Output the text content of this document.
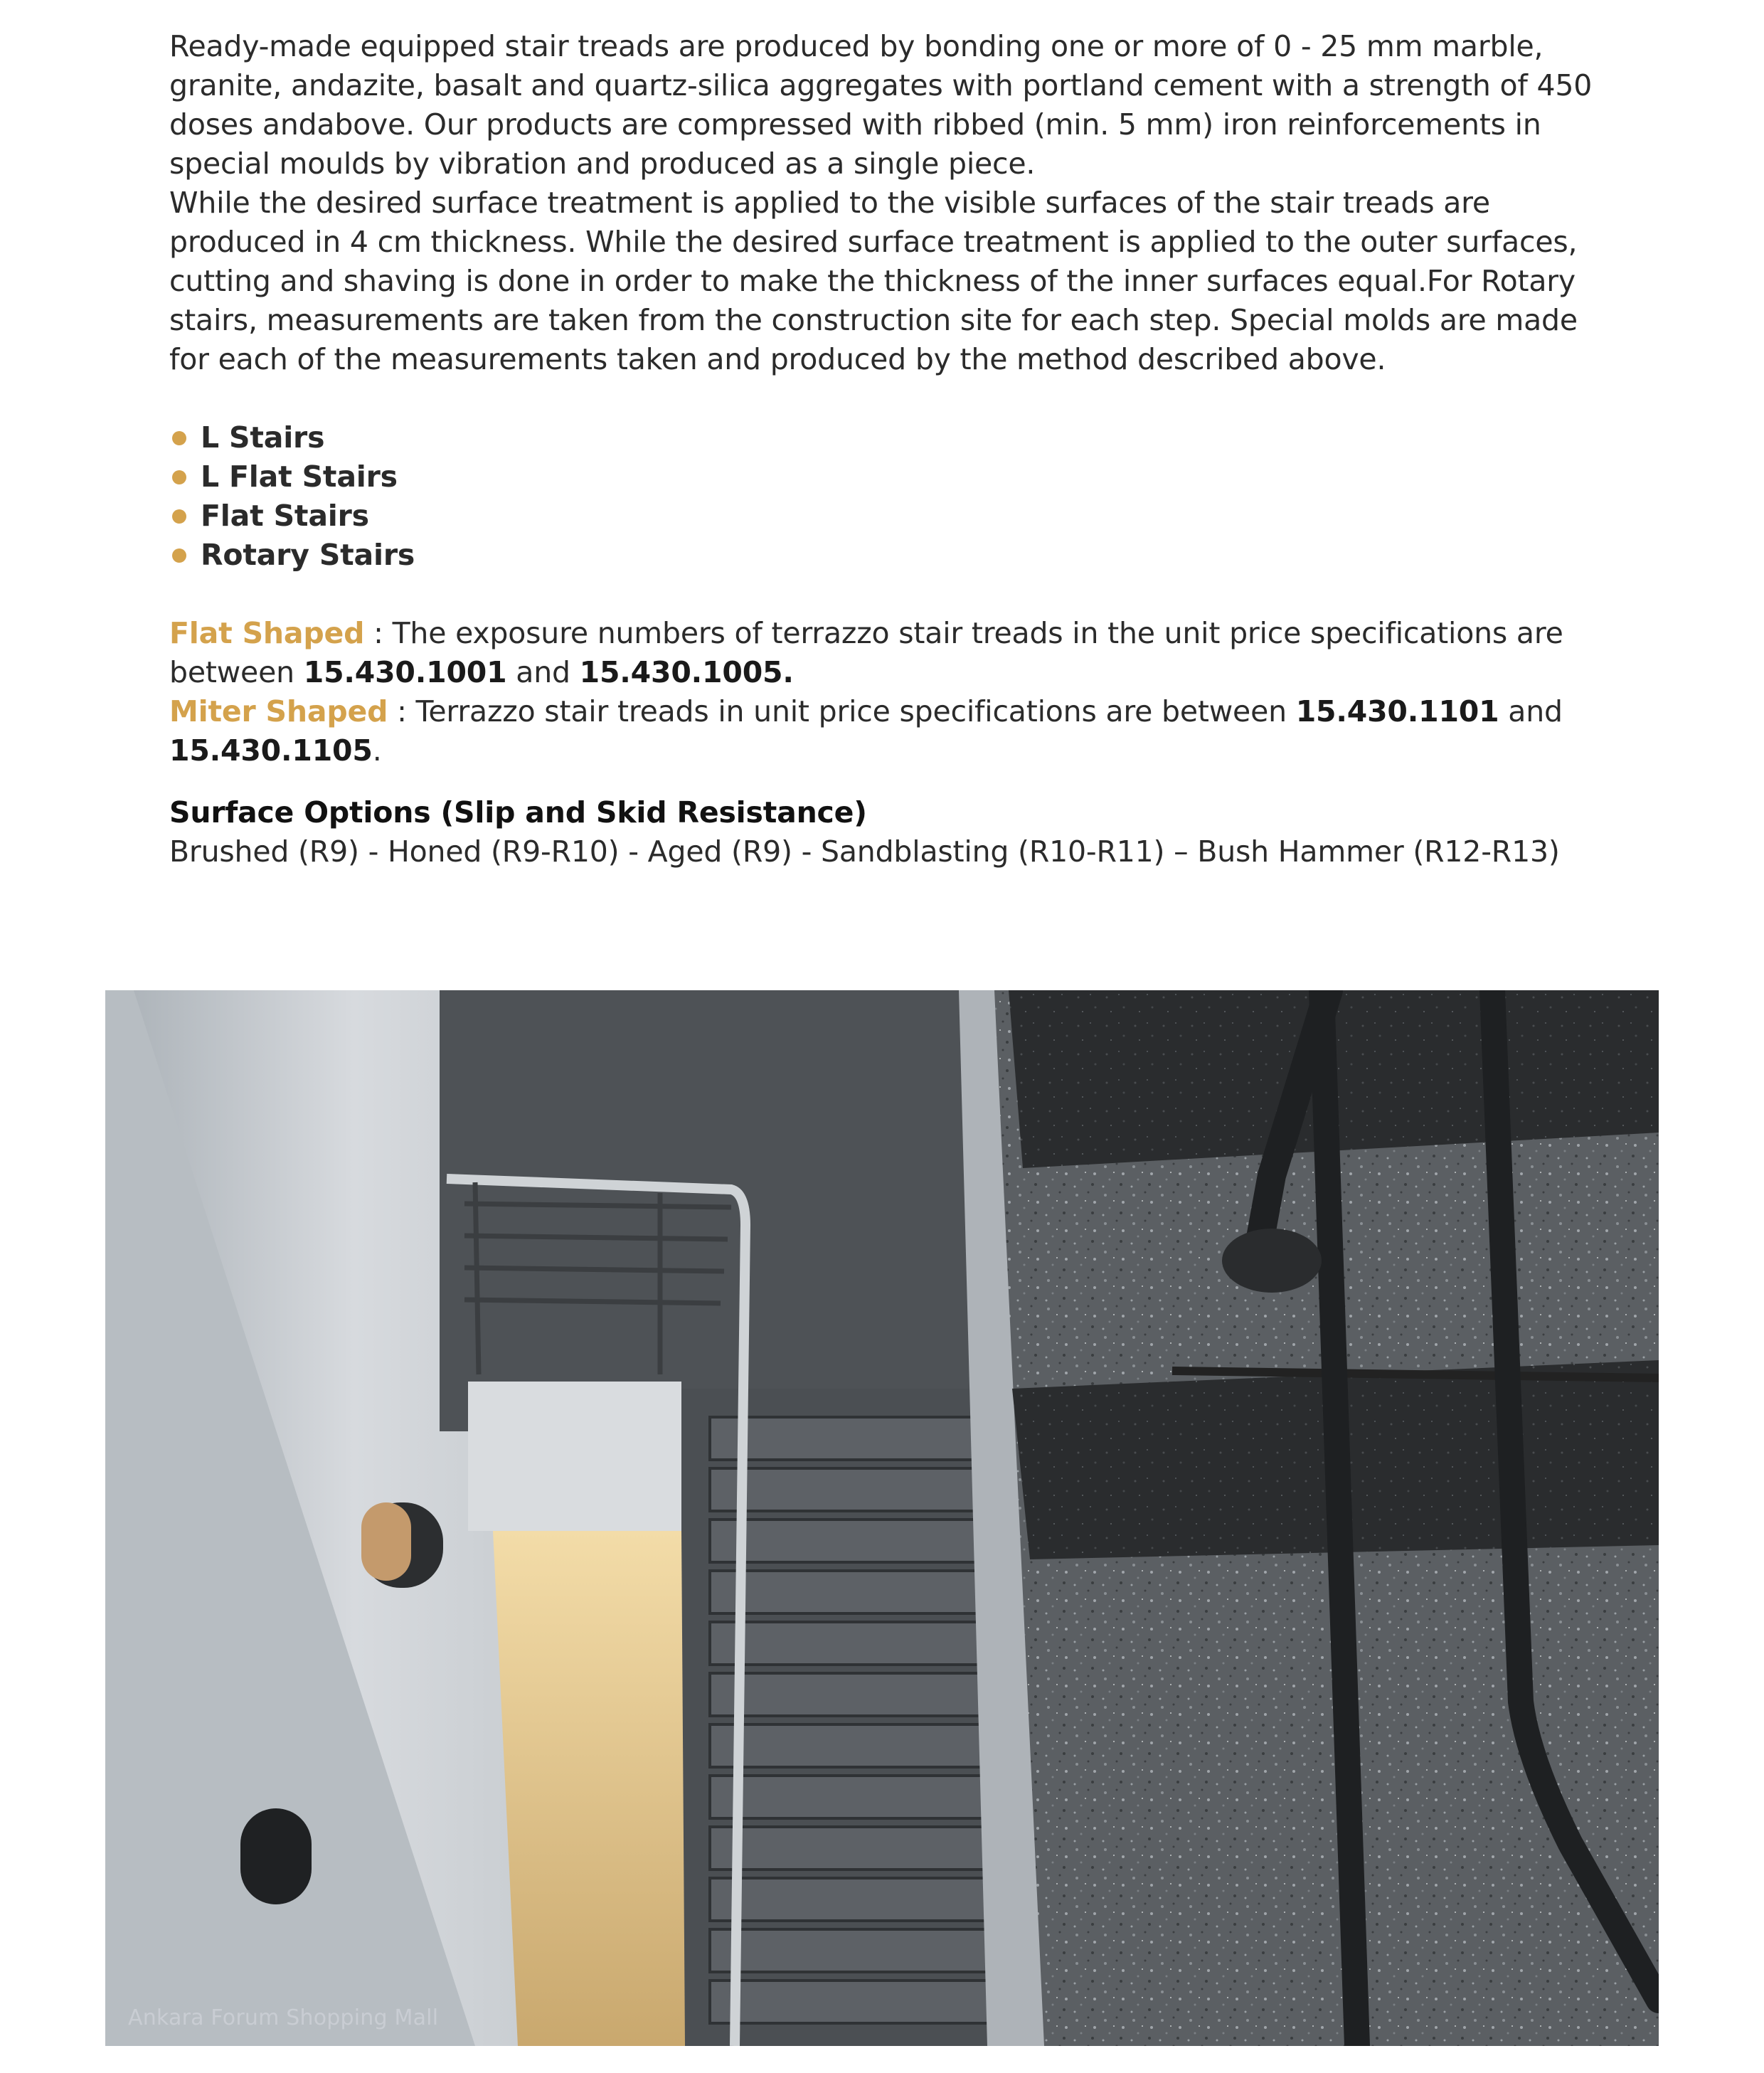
Ready-made equipped stair treads are produced by bonding one or more of 0 - 25 mm marble, granite, andazite, basalt and quartz-silica aggregates with portland cement with a strength of 450 doses andabove. Our products are compressed with ribbed (min. 5 mm) iron reinforcements in special moulds by vibration and produced as a single piece.

While the desired surface treatment is applied to the visible surfaces of the stair treads are produced in 4 cm thickness. While the desired surface treatment is applied to the outer surfaces, cutting and shaving is done in order to make the thickness of the inner surfaces equal.For Rotary stairs, measurements are taken from the construction site for each step. Special molds are made for each of the measurements taken and produced by the method described above.

L Stairs
L Flat Stairs
Flat Stairs
Rotary Stairs

Flat Shaped : The exposure numbers of terrazzo stair treads in the unit price specifications are between 15.430.1001 and 15.430.1005.

Miter Shaped : Terrazzo stair treads in unit price specifications are between 15.430.1101 and 15.430.1105.

Surface Options (Slip and Skid Resistance)

Brushed (R9) - Honed (R9-R10) - Aged (R9) - Sandblasting (R10-R11) – Bush Hammer (R12-R13)

Ankara Forum Shopping Mall
